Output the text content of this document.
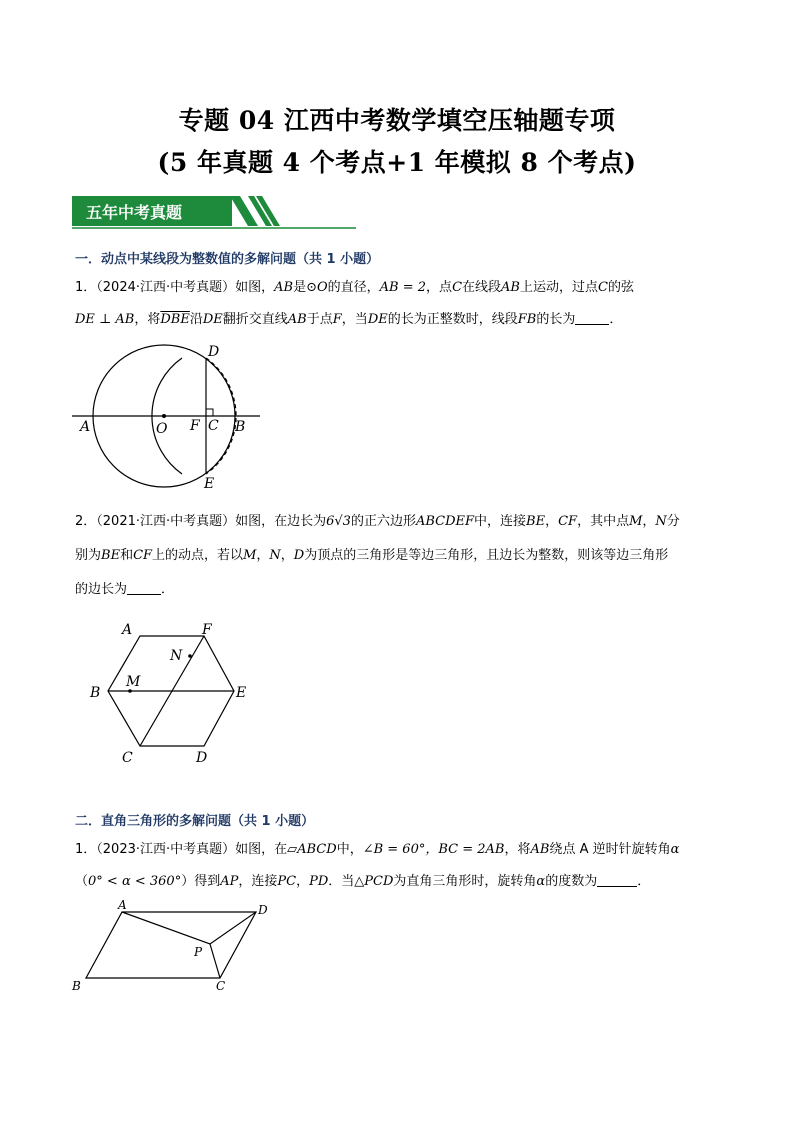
专题 04 江西中考数学填空压轴题专项
(5 年真题 4 个考点+1 年模拟 8 个考点)
五年中考真题
一．动点中某线段为整数值的多解问题（共 1 小题）
1．（2024·江西·中考真题）如图，AB是⊙O的直径，AB = 2，点C在线段AB上运动，过点C的弦
DE ⊥ AB，将$\overline{DBE}$沿DE翻折交直线AB于点F，当DE的长为正整数时，线段FB的长为	．
D
A	O F C B
E
2．（2021·江西·中考真题）如图，在边长为6√3的正六边形ABCDEF中，连接BE，CF，其中点M，N分
别为BE和CF上的动点，若以M，N，D为顶点的三角形是等边三角形，且边长为整数，则该等边三角形
的边长为	．
A	F
N
B
M
E
C	D
二．直角三角形的多解问题（共 1 小题）
1．（2023·江西·中考真题）如图，在▱ABCD中，∠B = 60°，BC = 2AB，将AB绕点 A 逆时针旋转角α
（0° < α < 360°）得到AP，连接PC，PD．当△PCD为直角三角形时，旋转角α的度数为	．
A	D
P
B	C
